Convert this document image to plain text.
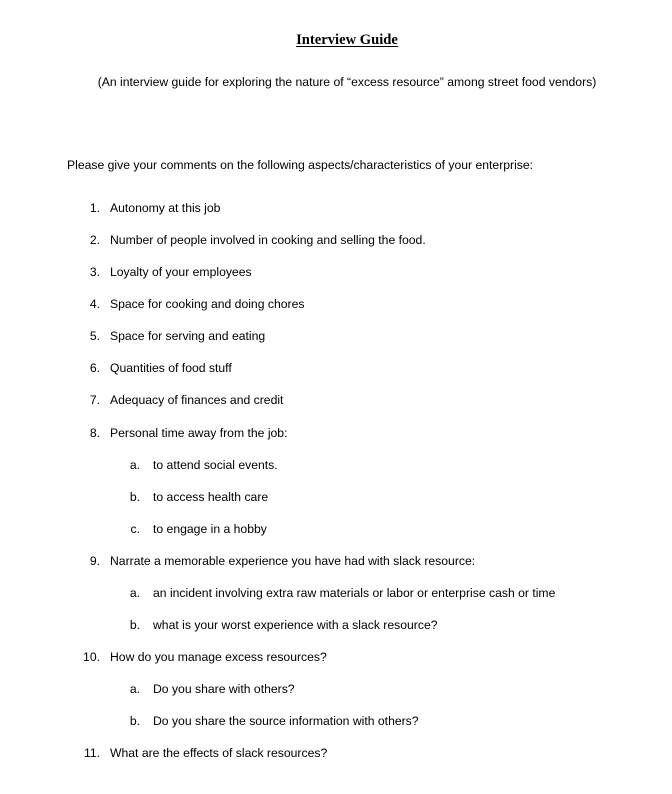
Interview Guide
(An interview guide for exploring the nature of “excess resource” among street food vendors)
Please give your comments on the following aspects/characteristics of your enterprise:
1. Autonomy at this job
2. Number of people involved in cooking and selling the food.
3. Loyalty of your employees
4. Space for cooking and doing chores
5. Space for serving and eating
6. Quantities of food stuff
7. Adequacy of finances and credit
8. Personal time away from the job:
a. to attend social events.
b. to access health care
c. to engage in a hobby
9. Narrate a memorable experience you have had with slack resource:
a. an incident involving extra raw materials or labor or enterprise cash or time
b. what is your worst experience with a slack resource?
10. How do you manage excess resources?
a. Do you share with others?
b. Do you share the source information with others?
11. What are the effects of slack resources?
